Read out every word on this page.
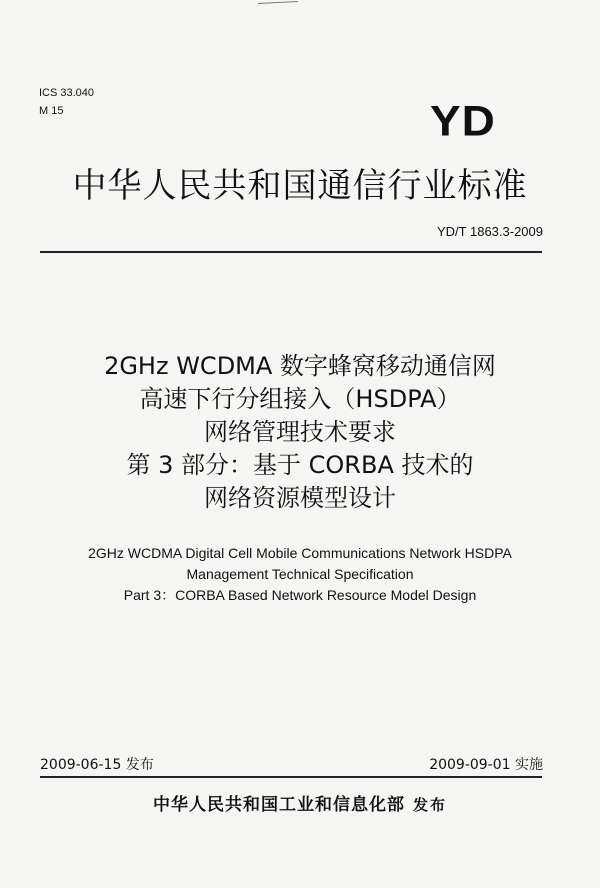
ICS 33.040
M 15	YD
中华人民共和国通信行业标准
YD/T 1863.3-2009
2GHz WCDMA 数字蜂窝移动通信网
高速下行分组接入（HSDPA）
网络管理技术要求
第 3 部分：基于 CORBA 技术的
网络资源模型设计
2GHz WCDMA Digital Cell Mobile Communications Network HSDPA
Management Technical Specification
Part 3：CORBA Based Network Resource Model Design
2009-06-15 发布	2009-09-01 实施
中华人民共和国工业和信息化部 发布
